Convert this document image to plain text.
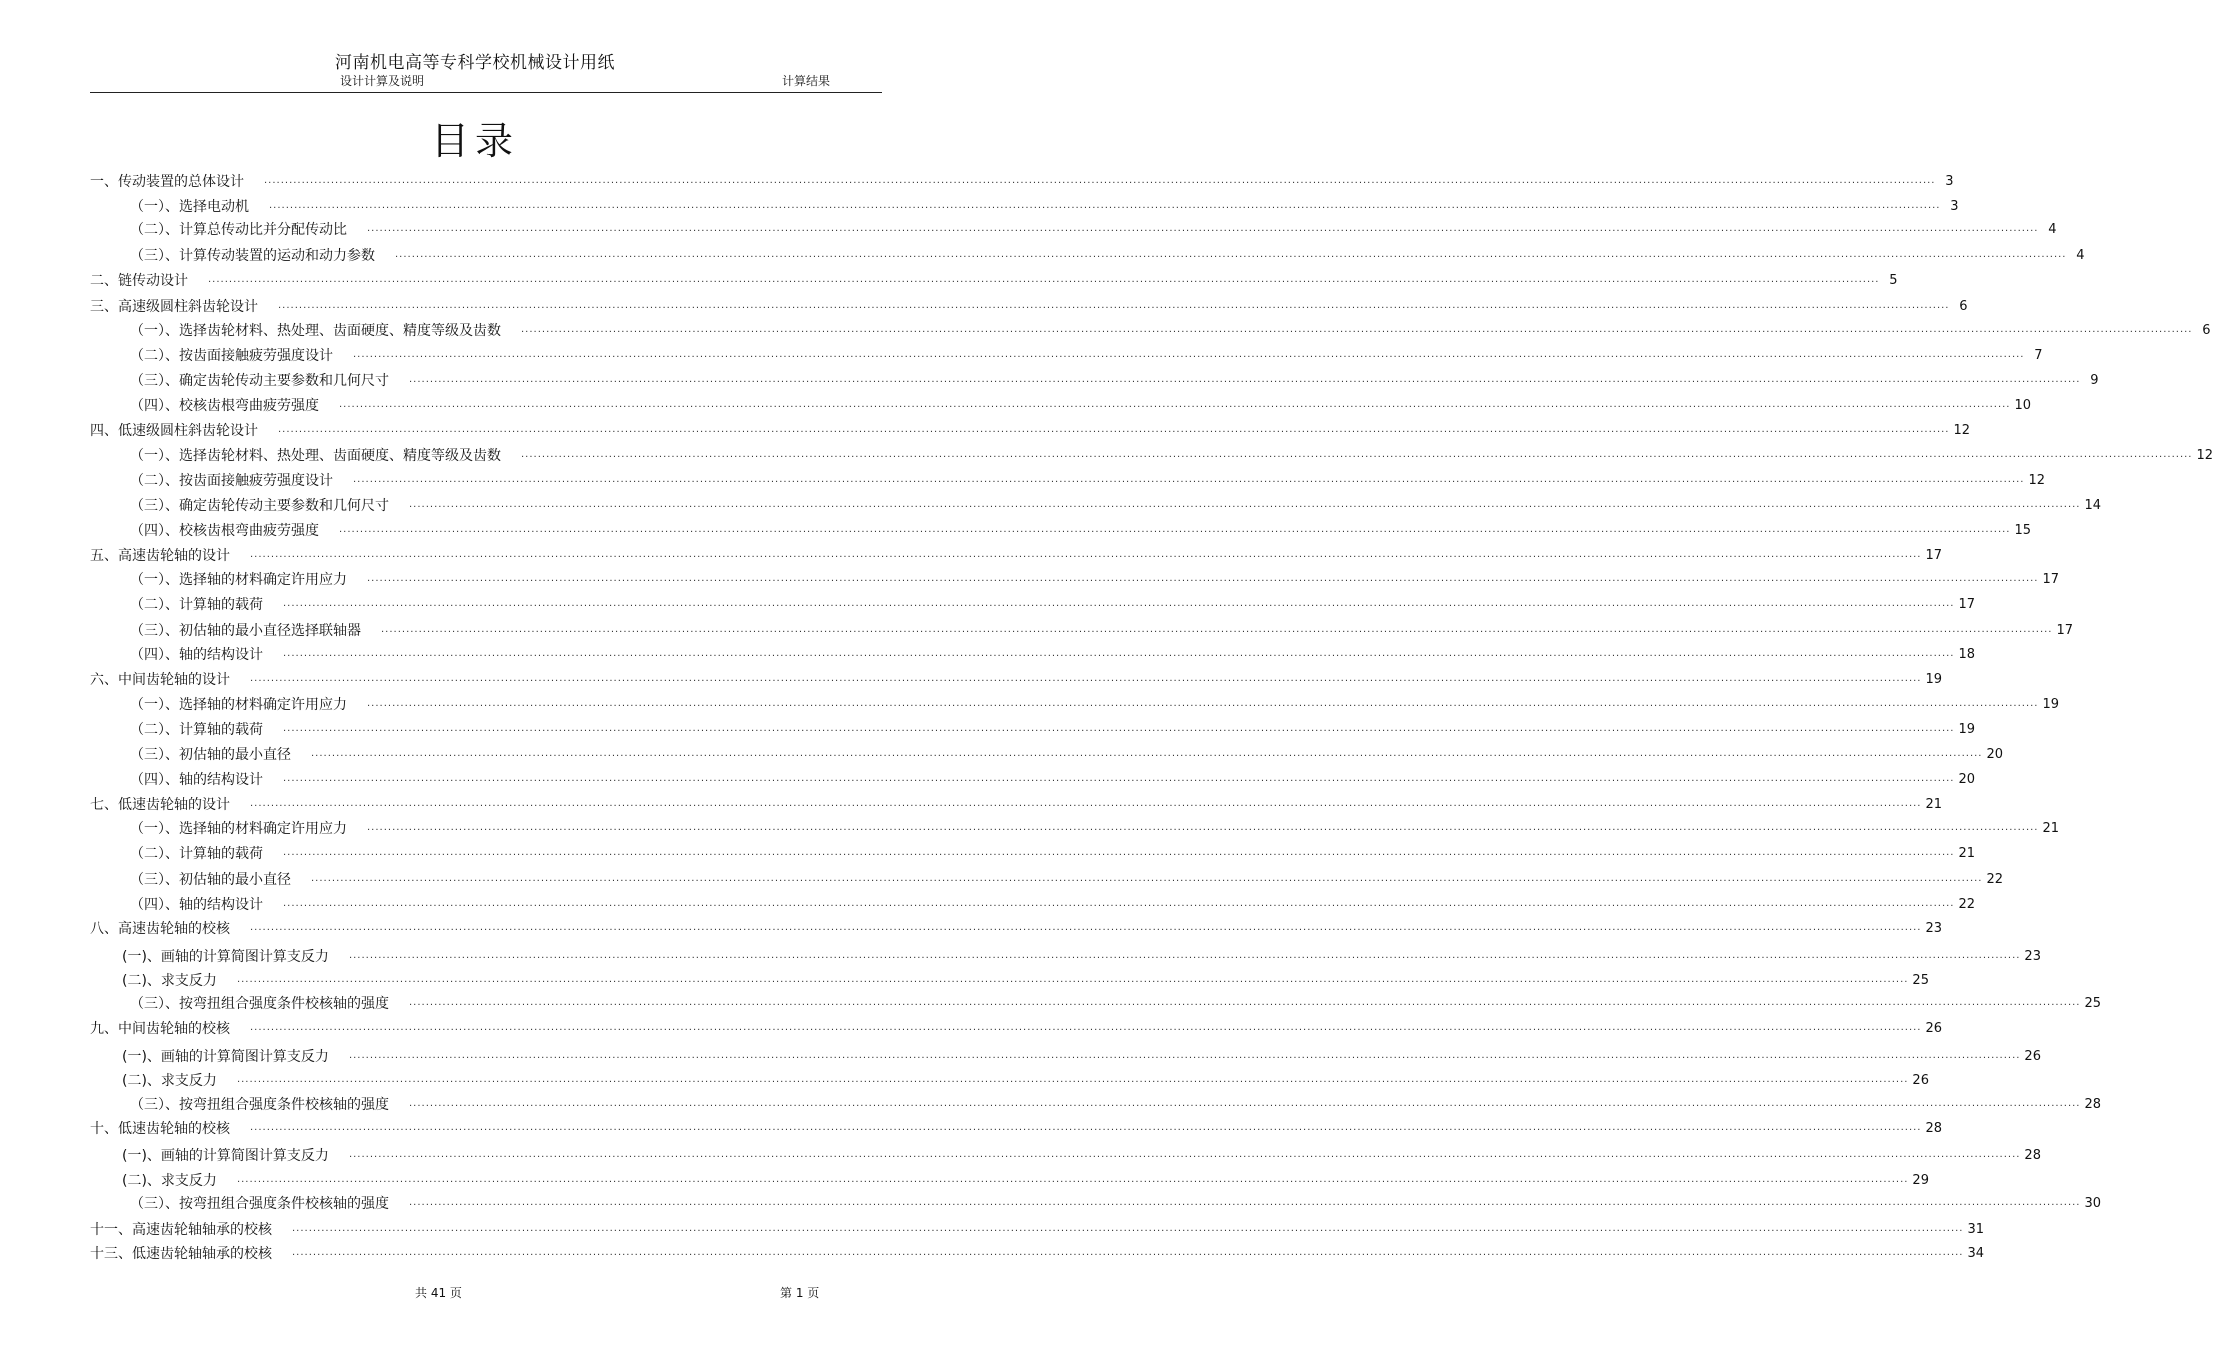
河南机电高等专科学校机械设计用纸
设计计算及说明	计算结果
目录
一、传动装置的总体设计 ................................................................................................................................................................................................................................................................................................................................................................................................................ 3
（一）、选择电动机 ................................................................................................................................................................................................................................................................................................................................................................................................................ 3
（二）、计算总传动比并分配传动比 ................................................................................................................................................................................................................................................................................................................................................................................................................ 4
（三）、计算传动装置的运动和动力参数 ................................................................................................................................................................................................................................................................................................................................................................................................................ 4
二、链传动设计 ................................................................................................................................................................................................................................................................................................................................................................................................................ 5
三、高速级圆柱斜齿轮设计 ................................................................................................................................................................................................................................................................................................................................................................................................................ 6
（一）、选择齿轮材料、热处理、齿面硬度、精度等级及齿数 ................................................................................................................................................................................................................................................................................................................................................................................................................ 6
（二）、按齿面接触疲劳强度设计 ................................................................................................................................................................................................................................................................................................................................................................................................................ 7
（三）、确定齿轮传动主要参数和几何尺寸 ................................................................................................................................................................................................................................................................................................................................................................................................................ 9
（四）、校核齿根弯曲疲劳强度 ................................................................................................................................................................................................................................................................................................................................................................................................................ 10
四、低速级圆柱斜齿轮设计 ................................................................................................................................................................................................................................................................................................................................................................................................................ 12
（一）、选择齿轮材料、热处理、齿面硬度、精度等级及齿数 ................................................................................................................................................................................................................................................................................................................................................................................................................ 12
（二）、按齿面接触疲劳强度设计 ................................................................................................................................................................................................................................................................................................................................................................................................................ 12
（三）、确定齿轮传动主要参数和几何尺寸 ................................................................................................................................................................................................................................................................................................................................................................................................................ 14
（四）、校核齿根弯曲疲劳强度 ................................................................................................................................................................................................................................................................................................................................................................................................................ 15
五、高速齿轮轴的设计 ................................................................................................................................................................................................................................................................................................................................................................................................................ 17
（一）、选择轴的材料确定许用应力 ................................................................................................................................................................................................................................................................................................................................................................................................................ 17
（二）、计算轴的载荷 ................................................................................................................................................................................................................................................................................................................................................................................................................ 17
（三）、初估轴的最小直径选择联轴器 ................................................................................................................................................................................................................................................................................................................................................................................................................ 17
（四）、轴的结构设计 ................................................................................................................................................................................................................................................................................................................................................................................................................ 18
六、中间齿轮轴的设计 ................................................................................................................................................................................................................................................................................................................................................................................................................ 19
（一）、选择轴的材料确定许用应力 ................................................................................................................................................................................................................................................................................................................................................................................................................ 19
（二）、计算轴的载荷 ................................................................................................................................................................................................................................................................................................................................................................................................................ 19
（三）、初估轴的最小直径 ................................................................................................................................................................................................................................................................................................................................................................................................................ 20
（四）、轴的结构设计 ................................................................................................................................................................................................................................................................................................................................................................................................................ 20
七、低速齿轮轴的设计 ................................................................................................................................................................................................................................................................................................................................................................................................................ 21
（一）、选择轴的材料确定许用应力 ................................................................................................................................................................................................................................................................................................................................................................................................................ 21
（二）、计算轴的载荷 ................................................................................................................................................................................................................................................................................................................................................................................................................ 21
（三）、初估轴的最小直径 ................................................................................................................................................................................................................................................................................................................................................................................................................ 22
（四）、轴的结构设计 ................................................................................................................................................................................................................................................................................................................................................................................................................ 22
八、高速齿轮轴的校核 ................................................................................................................................................................................................................................................................................................................................................................................................................ 23
(一)、画轴的计算简图计算支反力 ................................................................................................................................................................................................................................................................................................................................................................................................................ 23
(二)、求支反力 ................................................................................................................................................................................................................................................................................................................................................................................................................ 25
（三）、按弯扭组合强度条件校核轴的强度 ................................................................................................................................................................................................................................................................................................................................................................................................................ 25
九、中间齿轮轴的校核 ................................................................................................................................................................................................................................................................................................................................................................................................................ 26
(一)、画轴的计算简图计算支反力 ................................................................................................................................................................................................................................................................................................................................................................................................................ 26
(二)、求支反力 ................................................................................................................................................................................................................................................................................................................................................................................................................ 26
（三）、按弯扭组合强度条件校核轴的强度 ................................................................................................................................................................................................................................................................................................................................................................................................................ 28
十、低速齿轮轴的校核 ................................................................................................................................................................................................................................................................................................................................................................................................................ 28
(一)、画轴的计算简图计算支反力 ................................................................................................................................................................................................................................................................................................................................................................................................................ 28
(二)、求支反力 ................................................................................................................................................................................................................................................................................................................................................................................................................ 29
（三）、按弯扭组合强度条件校核轴的强度 ................................................................................................................................................................................................................................................................................................................................................................................................................ 30
十一、高速齿轮轴轴承的校核 ................................................................................................................................................................................................................................................................................................................................................................................................................ 31
十三、低速齿轮轴轴承的校核 ................................................................................................................................................................................................................................................................................................................................................................................................................ 34
共 41 页	第 1 页
